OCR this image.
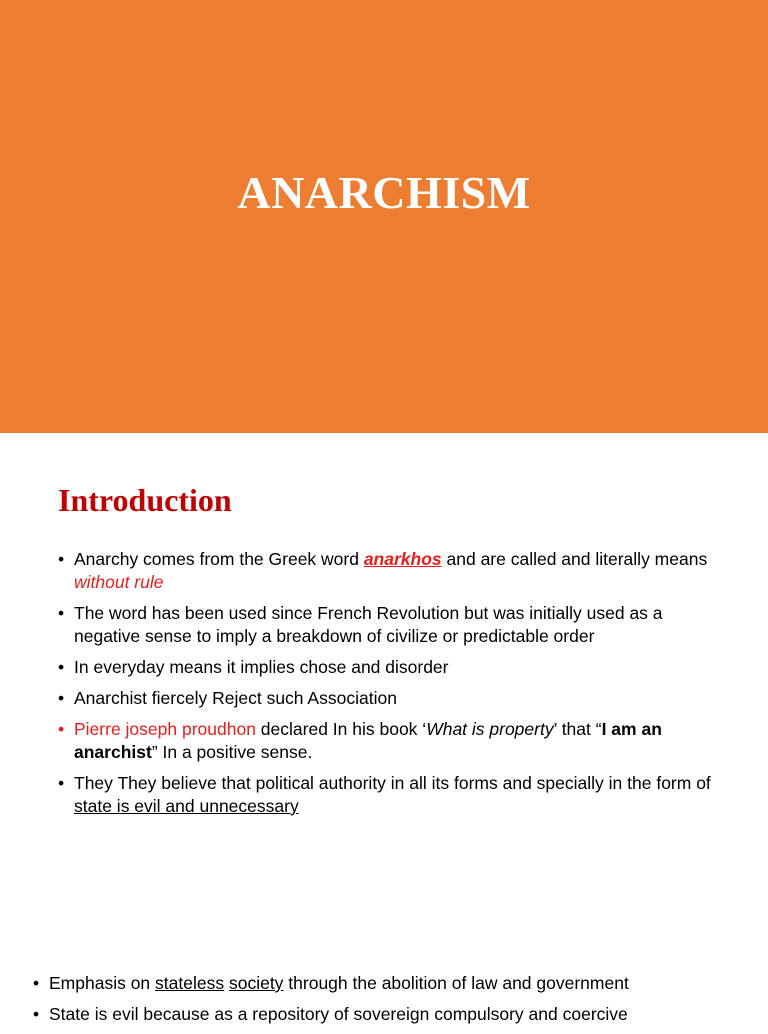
ANARCHISM
Introduction
• Anarchy comes from the Greek word anarkhos and are called and literally means without rule
• The word has been used since French Revolution but was initially used as a negative sense to imply a breakdown of civilize or predictable order
• In everyday means it implies chose and disorder
• Anarchist fiercely Reject such Association
• Pierre joseph proudhon declared In his book ‘What is property’ that “I am an anarchist” In a positive sense.
• They They believe that political authority in all its forms and specially in the form of state is evil and unnecessary
• Emphasis on stateless society through the abolition of law and government
• State is evil because as a repository of sovereign compulsory and coercive
